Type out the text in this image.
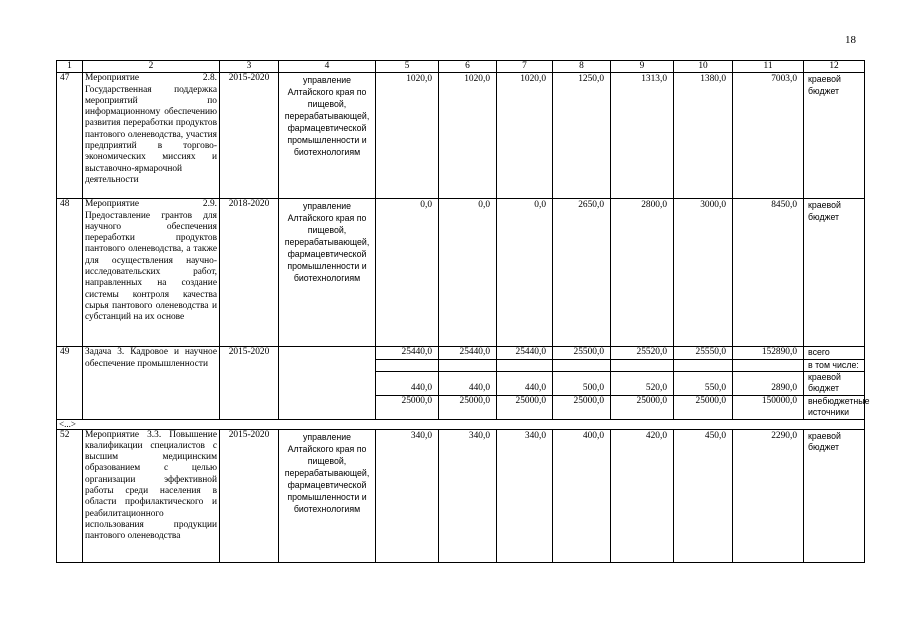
18
1	2	3	4	5	6	7	8	9	10	11	12
47	Мероприятие 2.8. Государственная поддержка мероприятий по информационному обеспечению развития переработки продуктов пантового оленеводства, участия предприятий в торгово-экономических миссиях и выставочно-ярмарочной деятельности	2015-2020	управление Алтайского края по пищевой, перерабатывающей, фармацевтической промышленности и биотехнологиям	1020,0	1020,0	1020,0	1250,0	1313,0	1380,0	7003,0	краевой бюджет
48	Мероприятие 2.9. Предоставление грантов для научного обеспечения переработки продуктов пантового оленеводства, а также для осуществления научно-исследовательских работ, направленных на создание системы контроля качества сырья пантового оленеводства и субстанций на их основе	2018-2020	управление Алтайского края по пищевой, перерабатывающей, фармацевтической промышленности и биотехнологиям	0,0	0,0	0,0	2650,0	2800,0	3000,0	8450,0	краевой бюджет
49	Задача 3. Кадровое и научное обеспечение промышленности	2015-2020		25440,0	25440,0	25440,0	25500,0	25520,0	25550,0	152890,0	всего
											в том числе:
				440,0	440,0	440,0	500,0	520,0	550,0	2890,0	краевой бюджет
				25000,0	25000,0	25000,0	25000,0	25000,0	25000,0	150000,0	внебюджетные источники
<...>											
52	Мероприятие 3.3. Повышение квалификации специалистов с высшим медицинским образованием с целью организации эффективной работы среди населения в области профилактического и реабилитационного использования продукции пантового оленеводства	2015-2020	управление Алтайского края по пищевой, перерабатывающей, фармацевтической промышленности и биотехнологиям	340,0	340,0	340,0	400,0	420,0	450,0	2290,0	краевой бюджет
